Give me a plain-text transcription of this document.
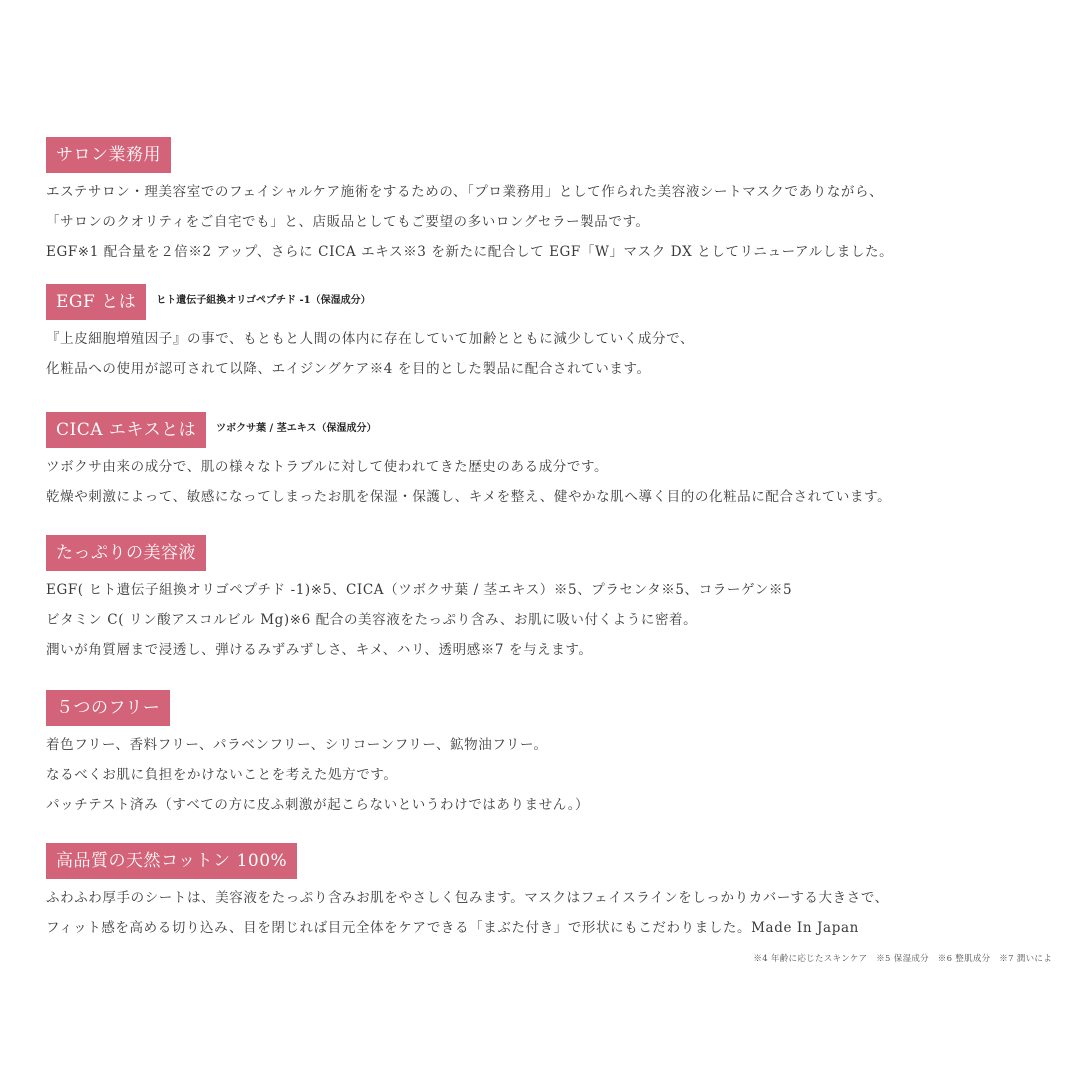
サロン業務用
エステサロン・理美容室でのフェイシャルケア施術をするための、「プロ業務用」として作られた美容液シートマスクでありながら、
「サロンのクオリティをご自宅でも」と、店販品としてもご要望の多いロングセラー製品です。
EGF※1 配合量を２倍※2 アップ、さらに CICA エキス※3 を新たに配合して EGF「W」マスク DX としてリニューアルしました。
EGF とは	ヒト遺伝子組換オリゴペプチド -1（保湿成分）
『上皮細胞増殖因子』の事で、もともと人間の体内に存在していて加齢とともに減少していく成分で、
化粧品への使用が認可されて以降、エイジングケア※4 を目的とした製品に配合されています。
CICA エキスとは	ツボクサ葉 / 茎エキス（保湿成分）
ツボクサ由来の成分で、肌の様々なトラブルに対して使われてきた歴史のある成分です。
乾燥や刺激によって、敏感になってしまったお肌を保湿・保護し、キメを整え、健やかな肌へ導く目的の化粧品に配合されています。
たっぷりの美容液
EGF( ヒト遺伝子組換オリゴペプチド -1)※5、CICA（ツボクサ葉 / 茎エキス）※5、プラセンタ※5、コラーゲン※5
ビタミン C( リン酸アスコルビル Mg)※6 配合の美容液をたっぷり含み、お肌に吸い付くように密着。
潤いが角質層まで浸透し、弾けるみずみずしさ、キメ、ハリ、透明感※7 を与えます。
５つのフリー
着色フリー、香料フリー、パラベンフリー、シリコーンフリー、鉱物油フリー。
なるべくお肌に負担をかけないことを考えた処方です。
パッチテスト済み（すべての方に皮ふ刺激が起こらないというわけではありません。）
高品質の天然コットン 100%
ふわふわ厚手のシートは、美容液をたっぷり含みお肌をやさしく包みます。マスクはフェイスラインをしっかりカバーする大きさで、
フィット感を高める切り込み、目を閉じれば目元全体をケアできる「まぶた付き」で形状にもこだわりました。Made In Japan
※4 年齢に応じたスキンケア　※5 保湿成分　※6 整肌成分　※7 潤いによ
